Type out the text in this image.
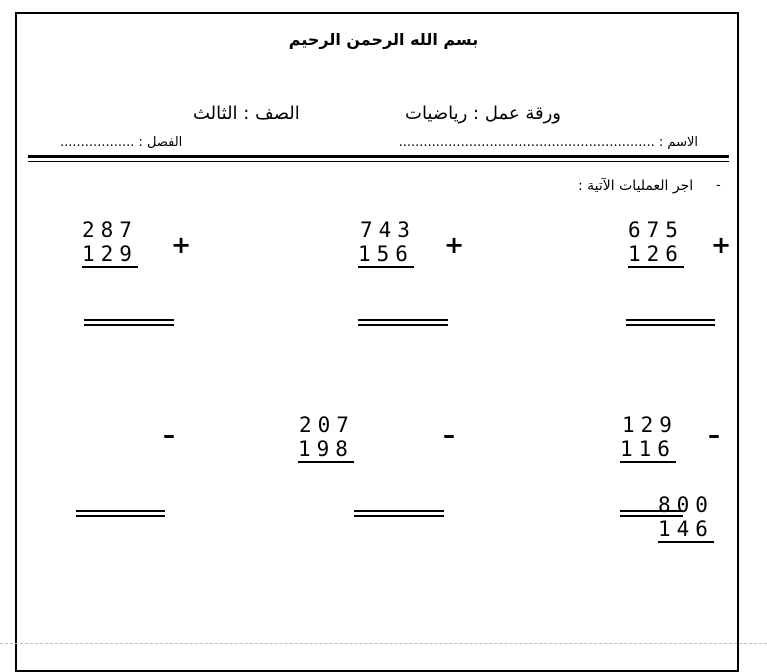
بسم الله الرحمن الرحيم
ورقة عمل : رياضيات
الصف : الثالث
الاسم : ..............................................................
الفصل : ..................
-
اجر العمليات الآتية :
675
126 +
743
156 +
287
129 +
129
116 –
207
198	–
–
800
146
